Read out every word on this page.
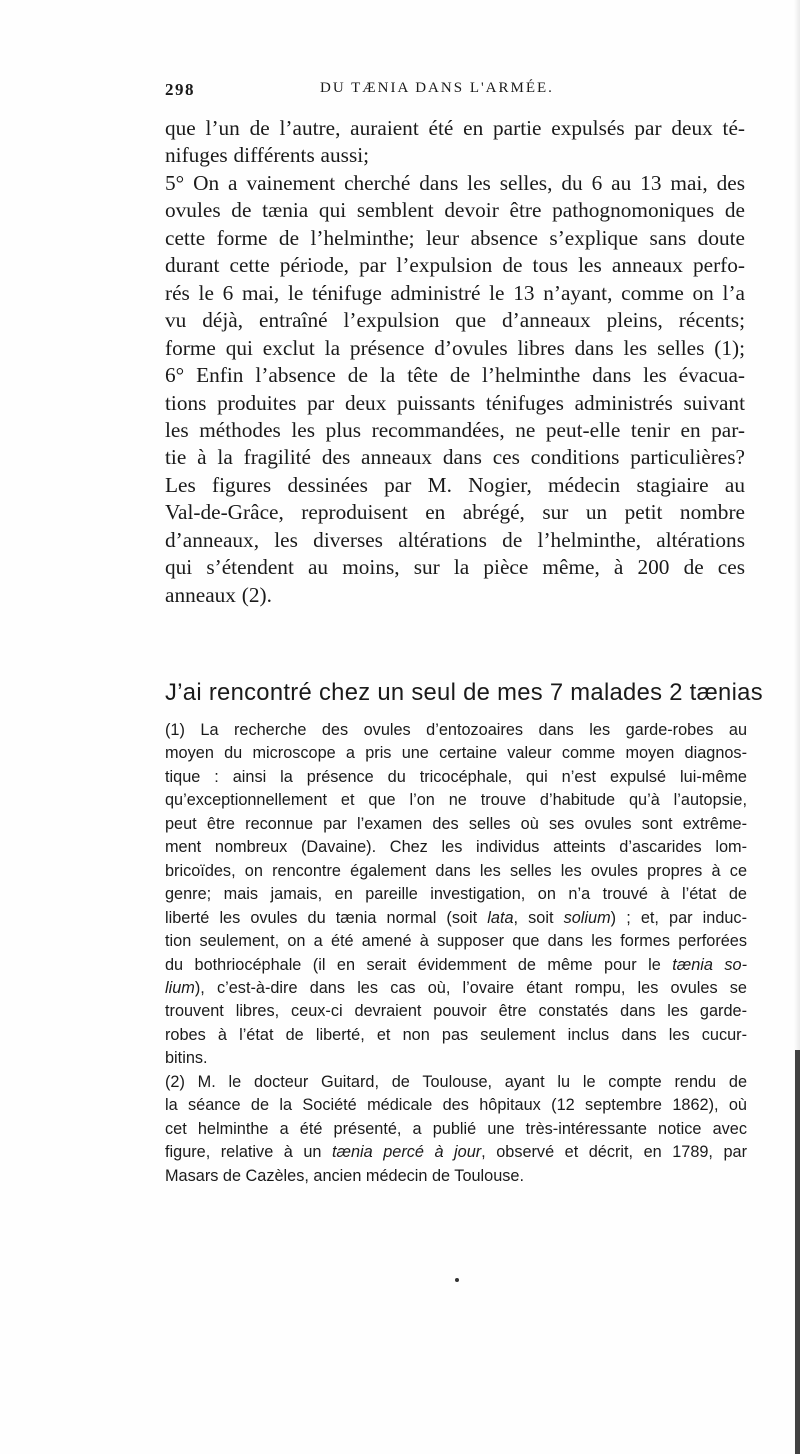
298	DU TÆNIA DANS L'ARMÉE.
que l’un de l’autre, auraient été en partie expulsés par deux té-
nifuges différents aussi;
5° On a vainement cherché dans les selles, du 6 au 13 mai, des
ovules de tænia qui semblent devoir être pathognomoniques de
cette forme de l’helminthe; leur absence s’explique sans doute
durant cette période, par l’expulsion de tous les anneaux perfo-
rés le 6 mai, le ténifuge administré le 13 n’ayant, comme on l’a
vu déjà, entraîné l’expulsion que d’anneaux pleins, récents;
forme qui exclut la présence d’ovules libres dans les selles (1);
6° Enfin l’absence de la tête de l’helminthe dans les évacua-
tions produites par deux puissants ténifuges administrés suivant
les méthodes les plus recommandées, ne peut-elle tenir en par-
tie à la fragilité des anneaux dans ces conditions particulières?
Les figures dessinées par M. Nogier, médecin stagiaire au
Val-de-Grâce, reproduisent en abrégé, sur un petit nombre
d’anneaux, les diverses altérations de l’helminthe, altérations
qui s’étendent au moins, sur la pièce même, à 200 de ces
anneaux (2).
J’ai rencontré chez un seul de mes 7 malades 2 tænias
(1) La recherche des ovules d’entozoaires dans les garde-robes au
moyen du microscope a pris une certaine valeur comme moyen diagnos-
tique : ainsi la présence du tricocéphale, qui n’est expulsé lui-même
qu’exceptionnellement et que l’on ne trouve d’habitude qu’à l’autopsie,
peut être reconnue par l’examen des selles où ses ovules sont extrême-
ment nombreux (Davaine). Chez les individus atteints d’ascarides lom-
bricoïdes, on rencontre également dans les selles les ovules propres à ce
genre; mais jamais, en pareille investigation, on n’a trouvé à l’état de
liberté les ovules du tænia normal (soit lata, soit solium) ; et, par induc-
tion seulement, on a été amené à supposer que dans les formes perforées
du bothriocéphale (il en serait évidemment de même pour le tænia so-
lium), c’est-à-dire dans les cas où, l’ovaire étant rompu, les ovules se
trouvent libres, ceux-ci devraient pouvoir être constatés dans les garde-
robes à l’état de liberté, et non pas seulement inclus dans les cucur-
bitins.
(2) M. le docteur Guitard, de Toulouse, ayant lu le compte rendu de
la séance de la Société médicale des hôpitaux (12 septembre 1862), où
cet helminthe a été présenté, a publié une très-intéressante notice avec
figure, relative à un tænia percé à jour, observé et décrit, en 1789, par
Masars de Cazèles, ancien médecin de Toulouse.
